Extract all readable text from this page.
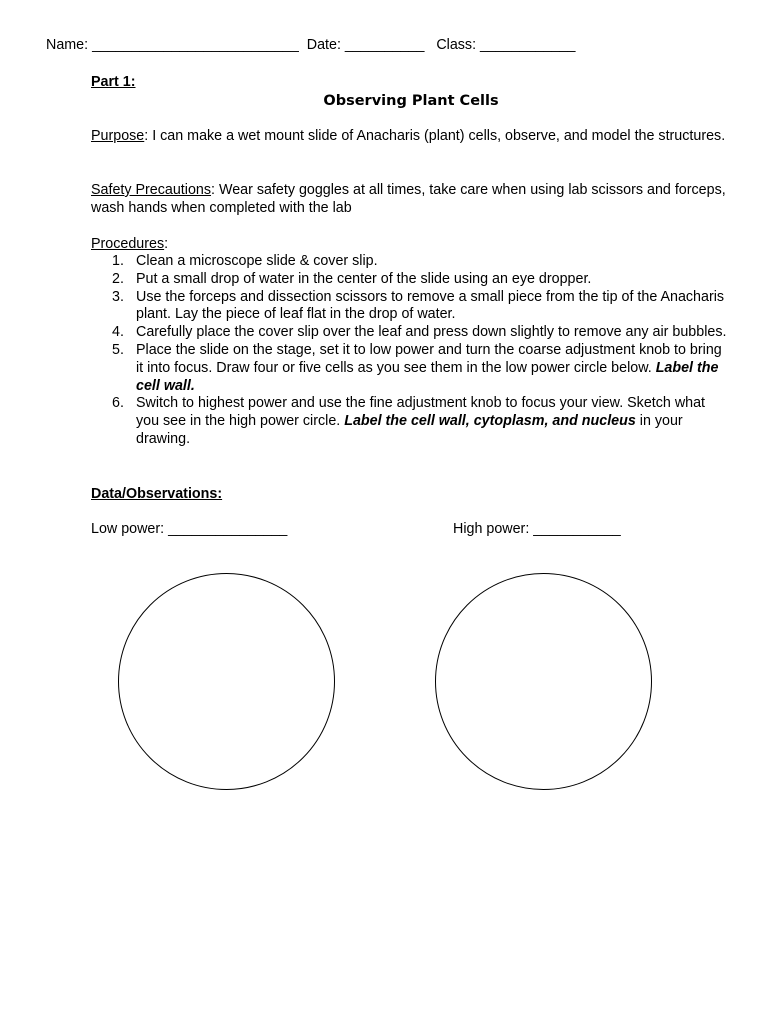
Name: __________________________  Date: __________   Class: ____________
Part 1:
Observing Plant Cells
Purpose: I can make a wet mount slide of Anacharis (plant) cells, observe, and model the structures.
Safety Precautions: Wear safety goggles at all times, take care when using lab scissors and forceps, wash hands when completed with the lab
Procedures:
1. Clean a microscope slide & cover slip.
2. Put a small drop of water in the center of the slide using an eye dropper.
3. Use the forceps and dissection scissors to remove a small piece from the tip of the Anacharis plant. Lay the piece of leaf flat in the drop of water.
4. Carefully place the cover slip over the leaf and press down slightly to remove any air bubbles.
5. Place the slide on the stage, set it to low power and turn the coarse adjustment knob to bring it into focus. Draw four or five cells as you see them in the low power circle below. Label the cell wall.
6. Switch to highest power and use the fine adjustment knob to focus your view. Sketch what you see in the high power circle. Label the cell wall, cytoplasm, and nucleus in your drawing.
Data/Observations:
Low power: _______________	High power: ___________
